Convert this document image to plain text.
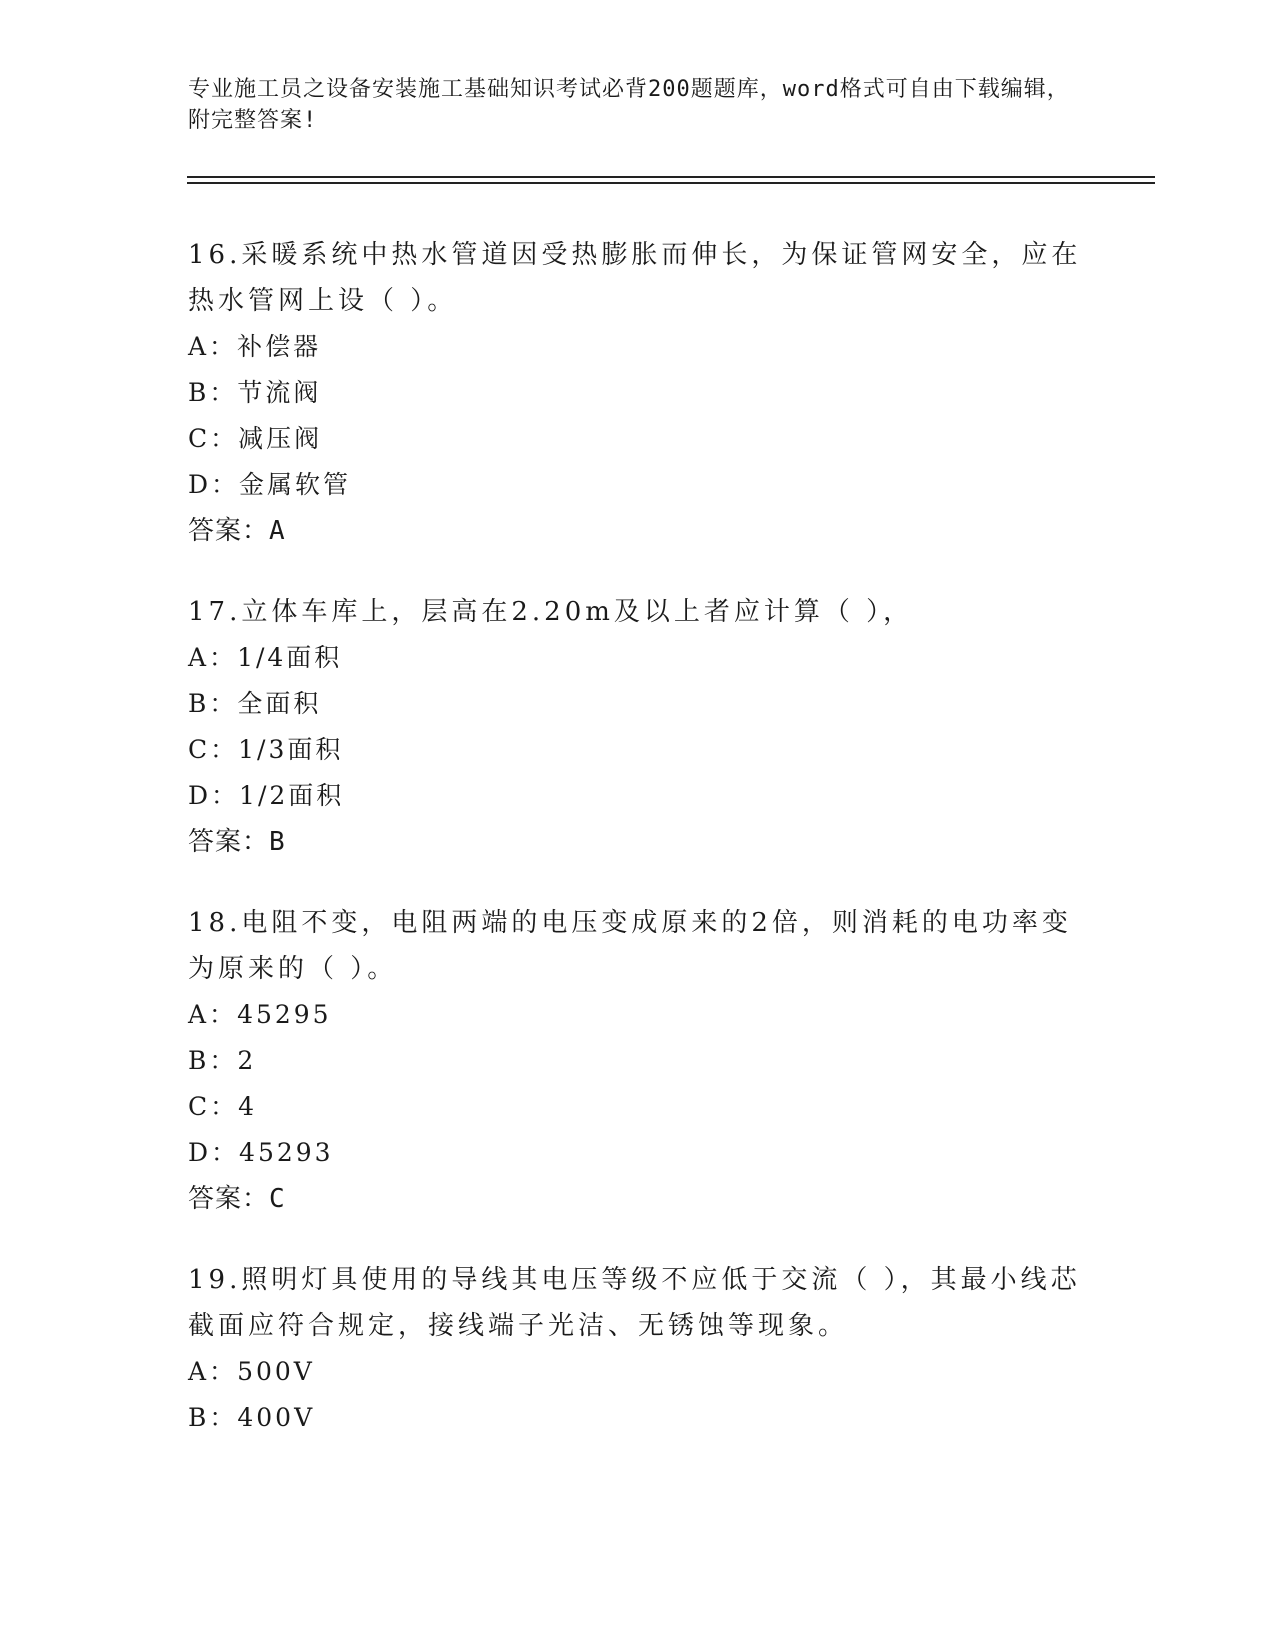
专业施工员之设备安装施工基础知识考试必背200题题库，word格式可自由下载编辑，附完整答案!

16.采暖系统中热水管道因受热膨胀而伸长，为保证管网安全，应在热水管网上设（ ）。

A：补偿器

B：节流阀

C：减压阀

D：金属软管

答案：A

17.立体车库上，层高在2.20m及以上者应计算（ ），

A：1/4面积

B：全面积

C：1/3面积

D：1/2面积

答案：B

18.电阻不变，电阻两端的电压变成原来的2倍，则消耗的电功率变为原来的（ ）。

A：45295

B：2

C：4

D：45293

答案：C

19.照明灯具使用的导线其电压等级不应低于交流（ ），其最小线芯截面应符合规定，接线端子光洁、无锈蚀等现象。

A：500V

B：400V
